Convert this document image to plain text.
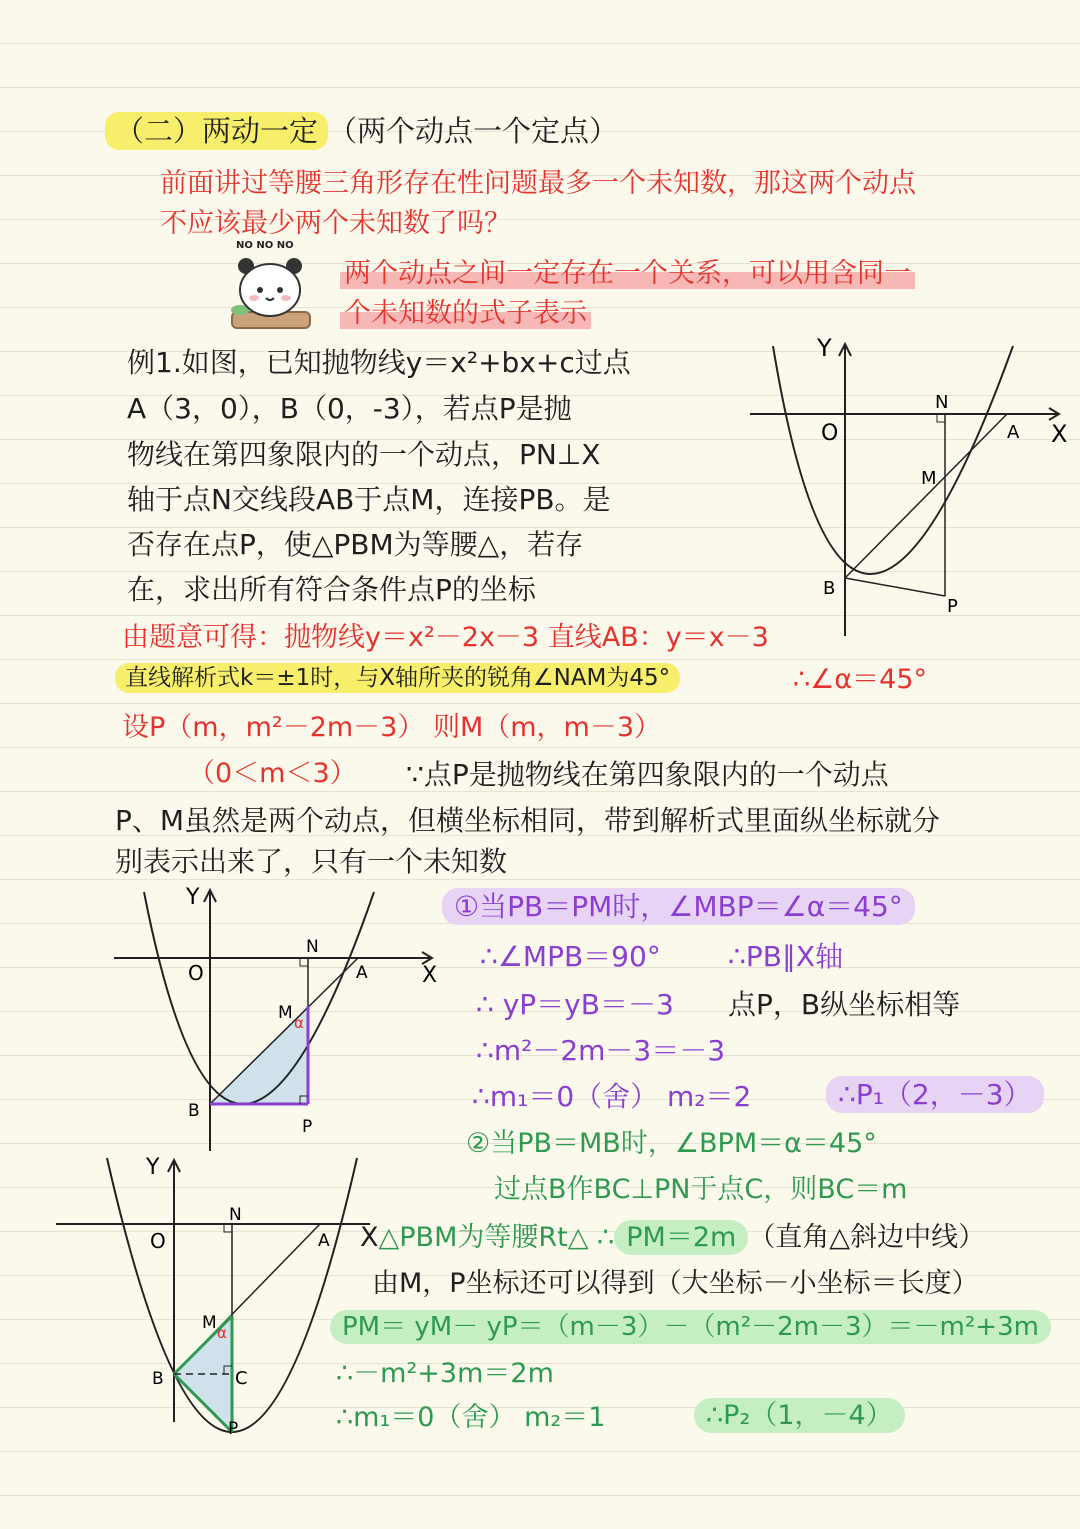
（二）两动一定 （两个动点一个定点）

前面讲过等腰三角形存在性问题最多一个未知数，那这两个动点

不应该最少两个未知数了吗？

NO NO NO

两个动点之间一定存在一个关系，可以用含同一

个未知数的式子表示

例1.如图，已知抛物线y＝x²+bx+c过点

A（3，0），B（0，-3），若点P是抛

物线在第四象限内的一个动点，PN⊥X

轴于点N交线段AB于点M，连接PB。是

否存在点P，使△PBM为等腰△，若存

在，求出所有符合条件点P的坐标

Y
X
O
N
A
M
B
P

由题意可得：抛物线y＝x²－2x－3 直线AB：y＝x－3

直线解析式k＝±1时，与X轴所夹的锐角∠NAM为45°	∴∠α＝45°

设P（m，m²－2m－3） 则M（m，m－3）

（0＜m＜3） ∵点P是抛物线在第四象限内的一个动点

P、M虽然是两个动点，但横坐标相同，带到解析式里面纵坐标就分

别表示出来了，只有一个未知数

Y
X
O
N
A
M α
B
P

①当PB＝PM时，∠MBP＝∠α＝45°

∴∠MPB＝90° ∴PB∥X轴

∴ yP＝yB＝－3 点P，B纵坐标相等

∴m²－2m－3＝－3

∴m₁＝0（舍） m₂＝2	∴P₁（2，－3）

Y
O
N
A
M α
B	C
P

②当PB＝MB时，∠BPM＝α＝45°

过点B作BC⊥PN于点C，则BC＝m

X△PBM为等腰Rt△ ∴ PM＝2m （直角△斜边中线）

由M，P坐标还可以得到（大坐标－小坐标＝长度）

PM＝ yM－ yP＝（m－3）－（m²－2m－3）＝－m²+3m

∴－m²+3m＝2m

∴m₁＝0（舍） m₂＝1	∴P₂（1，－4）
